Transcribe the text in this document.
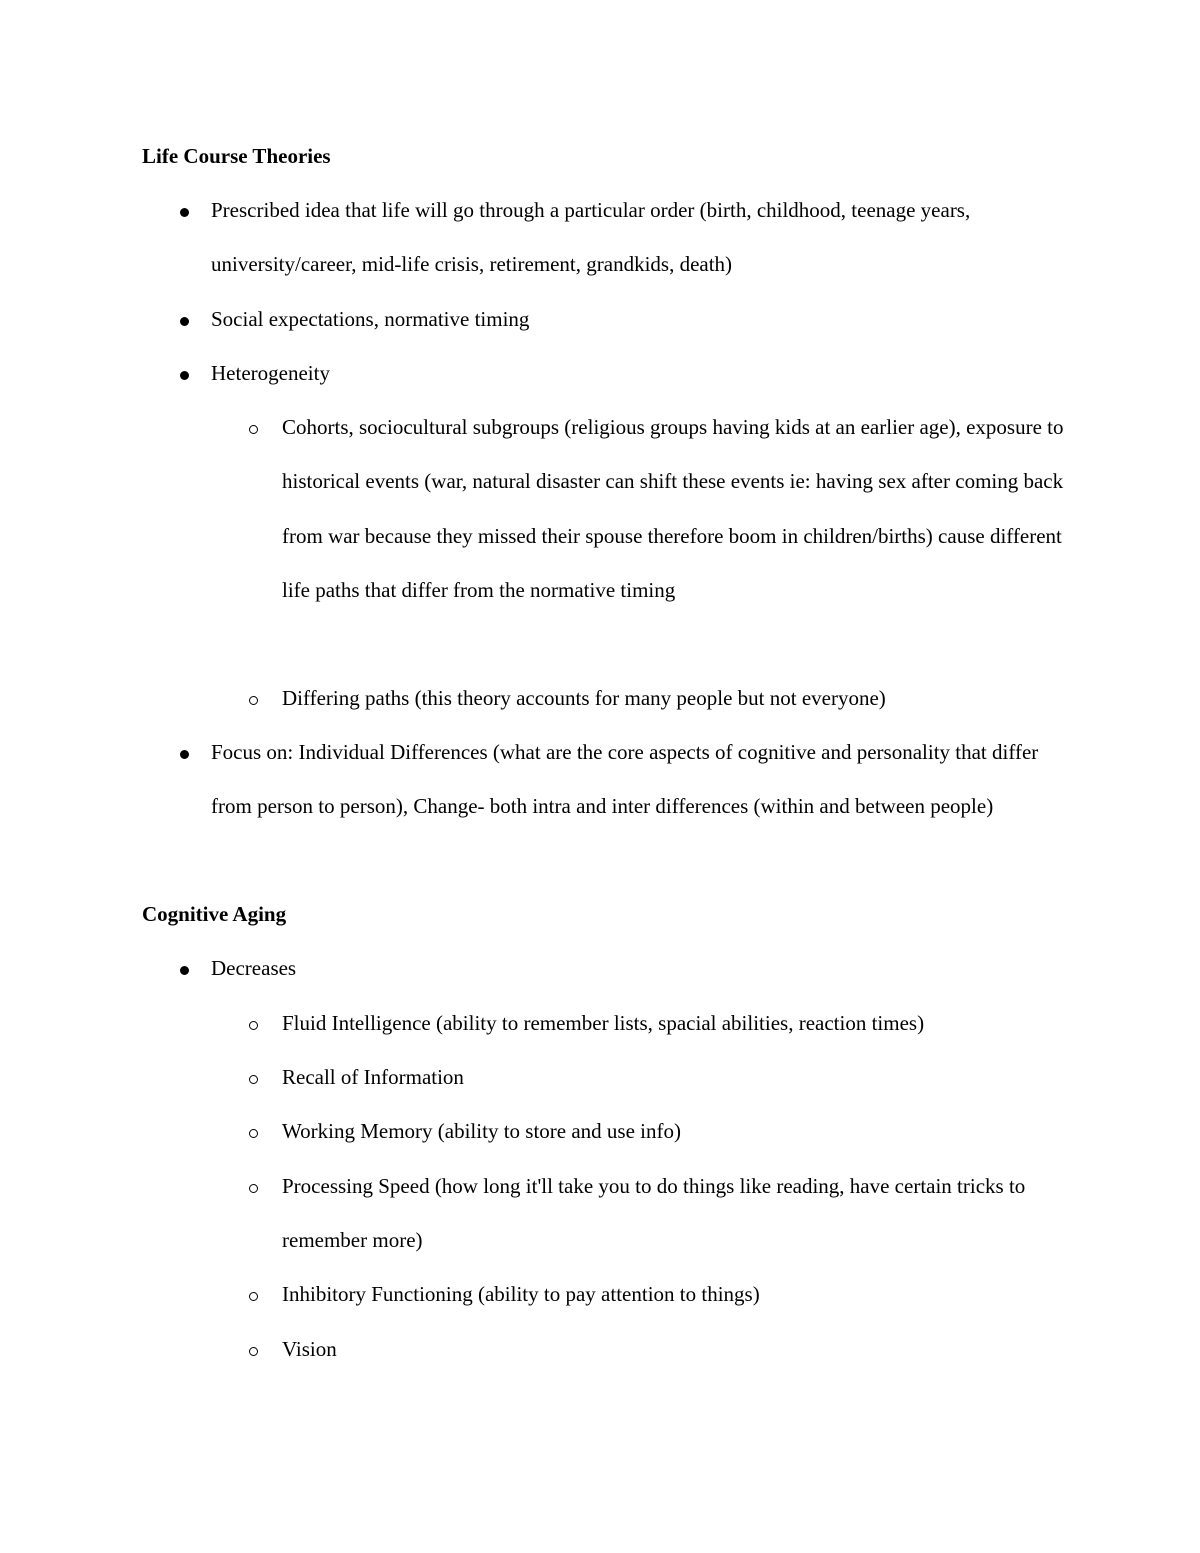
Life Course Theories
Prescribed idea that life will go through a particular order (birth, childhood, teenage years, university/career, mid-life crisis, retirement, grandkids, death)
Social expectations, normative timing
Heterogeneity
Cohorts, sociocultural subgroups (religious groups having kids at an earlier age), exposure to historical events (war, natural disaster can shift these events ie: having sex after coming back from war because they missed their spouse therefore boom in children/births) cause different life paths that differ from the normative timing
Differing paths (this theory accounts for many people but not everyone)
Focus on: Individual Differences (what are the core aspects of cognitive and personality that differ from person to person), Change- both intra and inter differences (within and between people)
Cognitive Aging
Decreases
Fluid Intelligence (ability to remember lists, spacial abilities, reaction times)
Recall of Information
Working Memory (ability to store and use info)
Processing Speed (how long it'll take you to do things like reading, have certain tricks to remember more)
Inhibitory Functioning (ability to pay attention to things)
Vision
